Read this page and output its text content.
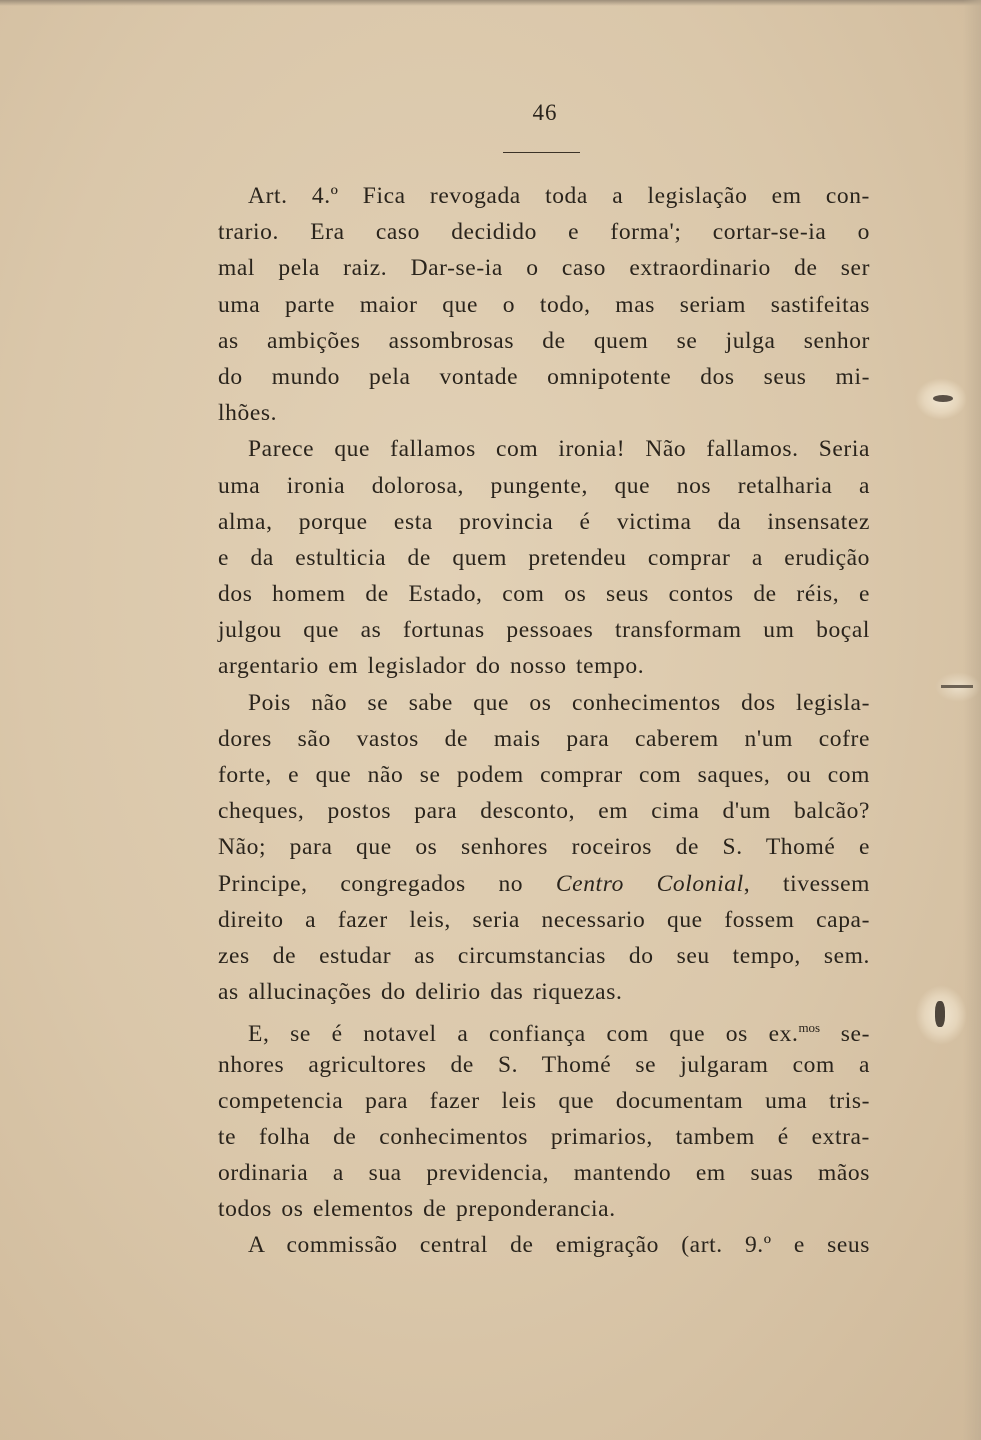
46
Art. 4.º Fica revogada toda a legislação em con-
trario. Era caso decidido e forma'; cortar-se-ia o
mal pela raiz. Dar-se-ia o caso extraordinario de ser
uma parte maior que o todo, mas seriam sastifeitas
as ambições assombrosas de quem se julga senhor
do mundo pela vontade omnipotente dos seus mi-
lhões.
Parece que fallamos com ironia! Não fallamos. Seria
uma ironia dolorosa, pungente, que nos retalharia a
alma, porque esta provincia é victima da insensatez
e da estulticia de quem pretendeu comprar a erudição
dos homem de Estado, com os seus contos de réis, e
julgou que as fortunas pessoaes transformam um boçal
argentario em legislador do nosso tempo.
Pois não se sabe que os conhecimentos dos legisla-
dores são vastos de mais para caberem n'um cofre
forte, e que não se podem comprar com saques, ou com
cheques, postos para desconto, em cima d'um balcão?
Não; para que os senhores roceiros de S. Thomé e
Principe, congregados no Centro Colonial, tivessem
direito a fazer leis, seria necessario que fossem capa-
zes de estudar as circumstancias do seu tempo, sem.
as allucinações do delirio das riquezas.
E, se é notavel a confiança com que os ex.$^{mos}$ se-
nhores agricultores de S. Thomé se julgaram com a
competencia para fazer leis que documentam uma tris-
te folha de conhecimentos primarios, tambem é extra-
ordinaria a sua previdencia, mantendo em suas mãos
todos os elementos de preponderancia.
A commissão central de emigração (art. 9.º e seus
